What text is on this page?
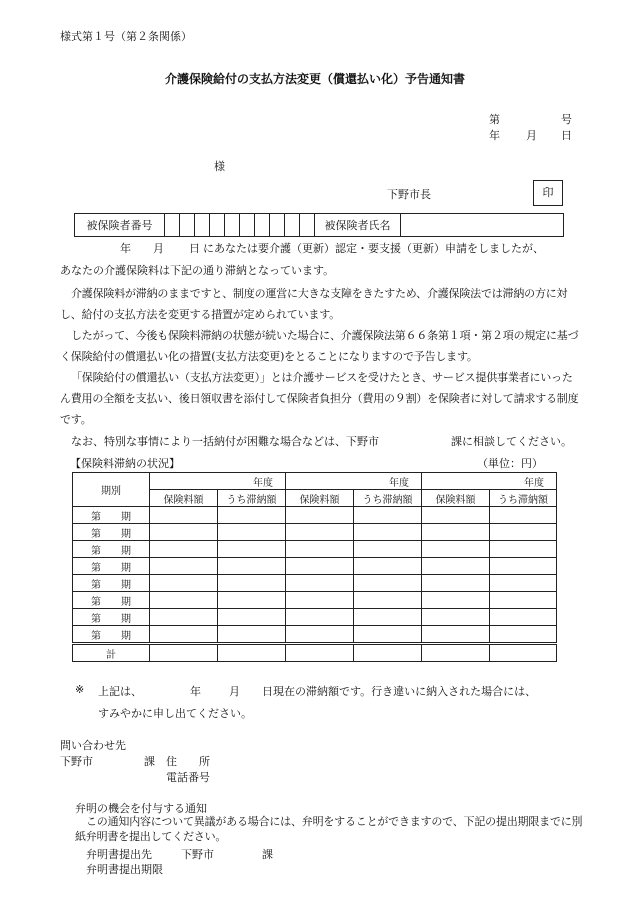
様式第１号（第２条関係）
介護保険給付の支払方法変更（償還払い化）予告通知書
第	号
年 月 日
様
下野市長	印
被保険者番号											被保険者氏名	
年 月 日 にあなたは要介護（更新）認定・要支援（更新）申請をしましたが、
あなたの介護保険料は下記の通り滞納となっています。

介護保険料が滞納のままですと、制度の運営に大きな支障をきたすため、介護保険法では滞納の方に対し、給付の支払方法を変更する措置が定められています。

したがって、今後も保険料滞納の状態が続いた場合に、介護保険法第６６条第１項・第２項の規定に基づく保険給付の償還払い化の措置(支払方法変更)をとることになりますので予告します。

「保険給付の償還払い（支払方法変更）」とは介護サービスを受けたとき、サービス提供事業者にいったん費用の全額を支払い、後日領収書を添付して保険者負担分（費用の９割）を保険者に対して請求する制度です。

なお、特別な事情により一括納付が困難な場合などは、下野市	課に相談してください。
【保険料滞納の状況】	（単位：円）
期別	年度		年度		年度	
	保険料額	うち滞納額	保険料額	うち滞納額	保険料額	うち滞納額
第 期						
第 期						
第 期						
第 期						
第 期						
第 期						
第 期						
第 期						
計						
※ 上記は、	年	月 日現在の滞納額です。行き違いに納入された場合には、
すみやかに申し出てください。
問い合わせ先
下野市	課 住　　所
電話番号
弁明の機会を付与する通知
この通知内容について異議がある場合には、弁明をすることができますので、下記の提出期限までに別紙弁明書を提出してください。
弁明書提出先	下野市	課
弁明書提出期限
